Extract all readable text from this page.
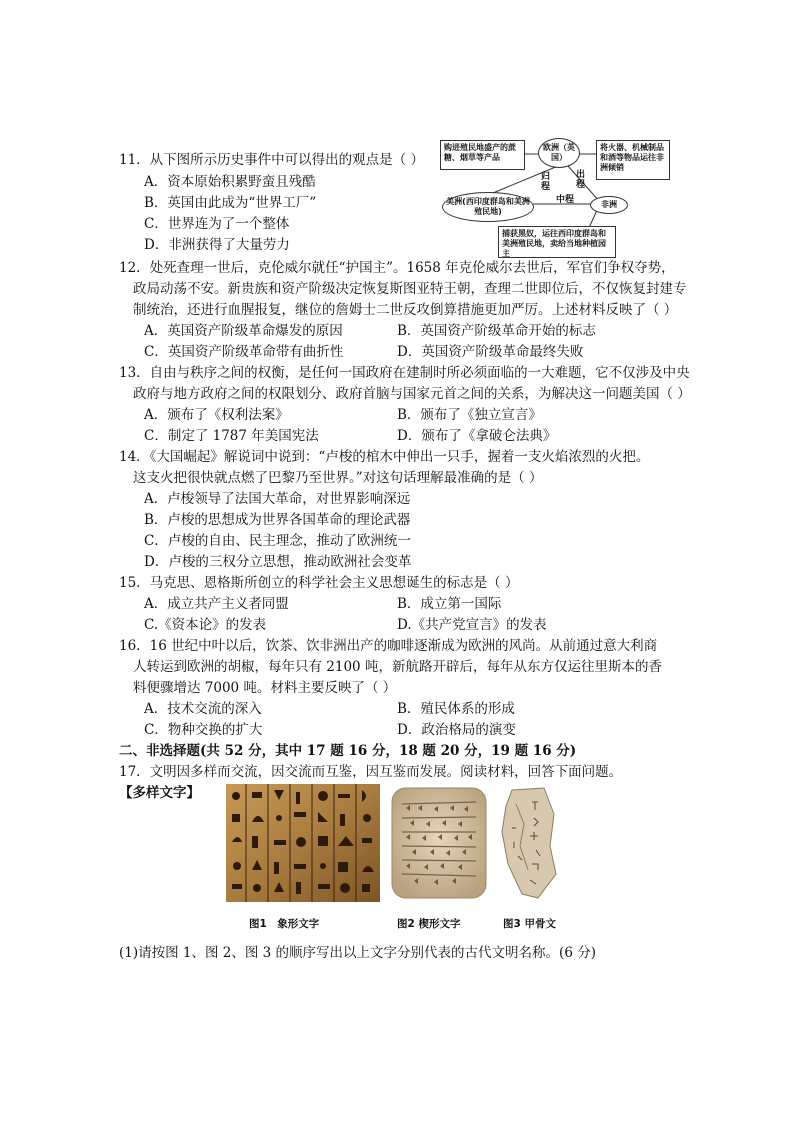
11．从下图所示历史事件中可以得出的观点是（ ）
A．资本原始积累野蛮且残酷
B．英国由此成为“世界工厂”
C．世界连为了一个整体
D．非洲获得了大量劳力
购进殖民地盛产的蔗糖、烟草等产品
欧洲（英国）
将火器、机械制品和酒等物品运往非洲倾销
美洲(西印度群岛和美洲殖民地)
非洲
捕获黑奴，运往西印度群岛和美洲殖民地，卖给当地种植园主
归程
出程
中程
12．处死查理一世后，克伦威尔就任“护国主”。1658 年克伦威尔去世后，军官们争权夺势，
政局动荡不安。新贵族和资产阶级决定恢复斯图亚特王朝，查理二世即位后，不仅恢复封建专
制统治，还进行血腥报复，继位的詹姆士二世反攻倒算措施更加严厉。上述材料反映了（ ）
A．英国资产阶级革命爆发的原因	B．英国资产阶级革命开始的标志
C．英国资产阶级革命带有曲折性	D．英国资产阶级革命最终失败
13．自由与秩序之间的权衡，是任何一国政府在建制时所必须面临的一大难题，它不仅涉及中央
政府与地方政府之间的权限划分、政府首脑与国家元首之间的关系，为解决这一问题美国（ ）
A．颁布了《权利法案》	B．颁布了《独立宣言》
C．制定了 1787 年美国宪法	D．颁布了《拿破仑法典》
14．《大国崛起》解说词中说到：“卢梭的棺木中伸出一只手，握着一支火焰浓烈的火把。
这支火把很快就点燃了巴黎乃至世界。”对这句话理解最准确的是（ ）
A．卢梭领导了法国大革命，对世界影响深远
B．卢梭的思想成为世界各国革命的理论武器
C．卢梭的自由、民主理念，推动了欧洲统一
D．卢梭的三权分立思想，推动欧洲社会变革
15．马克思、恩格斯所创立的科学社会主义思想诞生的标志是（ ）
A．成立共产主义者同盟	B．成立第一国际
C.《资本论》的发表	D.《共产党宣言》的发表
16．16 世纪中叶以后，饮茶、饮非洲出产的咖啡逐渐成为欧洲的风尚。从前通过意大利商
人转运到欧洲的胡椒，每年只有 2100 吨，新航路开辟后，每年从东方仅运往里斯本的香
料便骤增达 7000 吨。材料主要反映了（ ）
A．技术交流的深入	B．殖民体系的形成
C．物种交换的扩大	D．政治格局的演变
二、非选择题(共 52 分，其中 17 题 16 分，18 题 20 分，19 题 16 分)
17．文明因多样而交流，因交流而互鉴，因互鉴而发展。阅读材料，回答下面问题。
【多样文字】
图1　象形文字	图2 楔形文字	图3 甲骨文
(1)请按图 1、图 2、图 3 的顺序写出以上文字分别代表的古代文明名称。(6 分)
